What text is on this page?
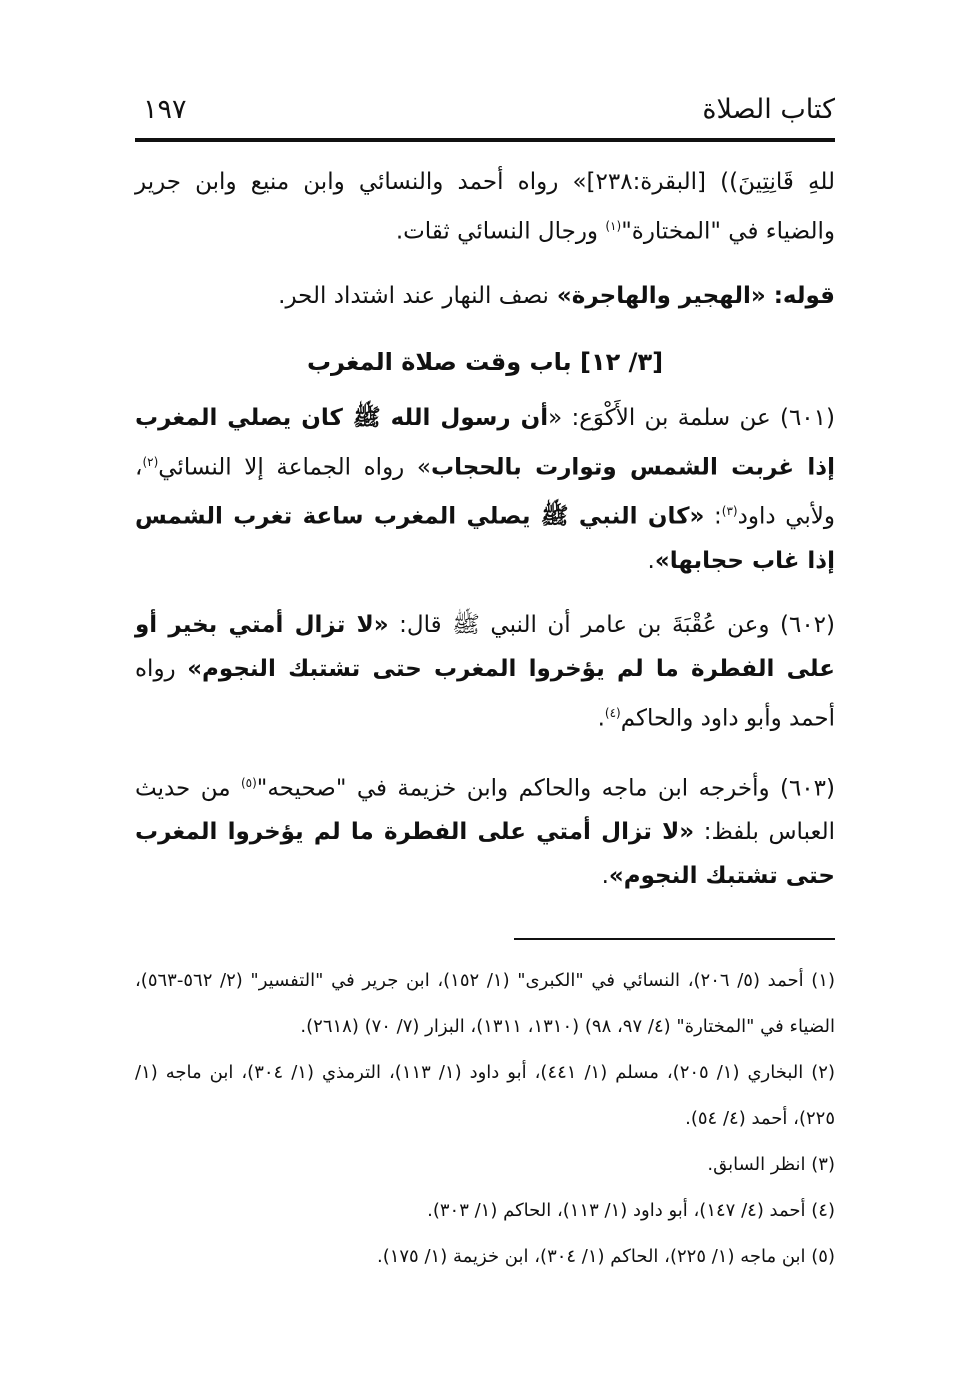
كتاب الصلاة
١٩٧

للهِ قَانِتِينَ)) [البقرة:٢٣٨]» رواه أحمد والنسائي وابن منيع وابن جرير والضياء في "المختارة"$^{(١)}$ ورجال النسائي ثقات.

قوله: «الهجير والهاجرة» نصف النهار عند اشتداد الحر.

[٣/ ١٢] باب وقت صلاة المغرب

(٦٠١) عن سلمة بن الأَكْوَع: «أن رسول الله ﷺ كان يصلي المغرب إذا غربت الشمس وتوارت بالحجاب» رواه الجماعة إلا النسائي$^{(٢)}$، ولأبي داود$^{(٣)}$: «كان النبي ﷺ يصلي المغرب ساعة تغرب الشمس إذا غاب حجابها».

(٦٠٢) وعن عُقْبَةَ بن عامر أن النبي ﷺ قال: «لا تزال أمتي بخير أو على الفطرة ما لم يؤخروا المغرب حتى تشتبك النجوم» رواه أحمد وأبو داود والحاكم$^{(٤)}$.

(٦٠٣) وأخرجه ابن ماجه والحاكم وابن خزيمة في "صحيحه"$^{(٥)}$ من حديث العباس بلفظ: «لا تزال أمتي على الفطرة ما لم يؤخروا المغرب حتى تشتبك النجوم».

(١) أحمد (٥/ ٢٠٦)، النسائي في "الكبرى" (١/ ١٥٢)، ابن جرير في "التفسير" (٢/ ٥٦٢-٥٦٣)، الضياء في "المختارة" (٤/ ٩٧، ٩٨) (١٣١٠، ١٣١١)، البزار (٧/ ٧٠) (٢٦١٨).

(٢) البخاري (١/ ٢٠٥)، مسلم (١/ ٤٤١)، أبو داود (١/ ١١٣)، الترمذي (١/ ٣٠٤)، ابن ماجه (١/ ٢٢٥)، أحمد (٤/ ٥٤).

(٣) انظر السابق.

(٤) أحمد (٤/ ١٤٧)، أبو داود (١/ ١١٣)، الحاكم (١/ ٣٠٣).

(٥) ابن ماجه (١/ ٢٢٥)، الحاكم (١/ ٣٠٤)، ابن خزيمة (١/ ١٧٥).
